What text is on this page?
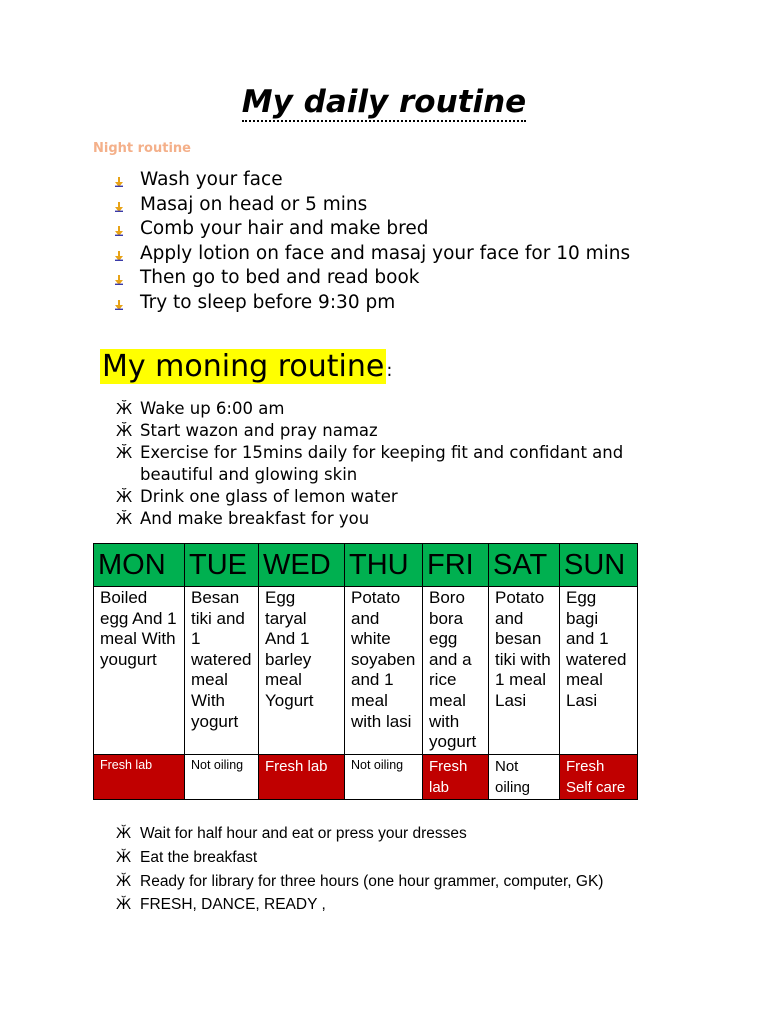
My daily routine
Night routine
Wash your face
Masaj on head or 5 mins
Comb your hair and make bred
Apply lotion on face and masaj your face for 10 mins
Then go to bed and read book
Try to sleep before 9:30 pm
My moning routine :
Ӂ Wake up 6:00 am
Ӂ Start wazon and pray namaz
Ӂ Exercise for 15mins daily for keeping fit and confidant and beautiful and glowing skin
Ӂ Drink one glass of lemon water
Ӂ And make breakfast for you
MON	TUE	WED	THU	FRI	SAT	SUN
Boiled egg And 1 meal With yougurt	Besan tiki and 1 watered meal With yogurt	Egg taryal And 1 barley meal Yogurt	Potato and white soyaben and 1 meal with lasi	Boro bora egg and a rice meal with yogurt	Potato and besan tiki with 1 meal Lasi	Egg bagi and 1 watered meal Lasi
Fresh lab	Not oiling	Fresh lab	Not oiling	Fresh lab	Not oiling	Fresh Self care
Ӂ Wait for half hour and eat or press your dresses
Ӂ Eat the breakfast
Ӂ Ready for library for three hours (one hour grammer, computer, GK)
Ӂ FRESH, DANCE, READY ,
